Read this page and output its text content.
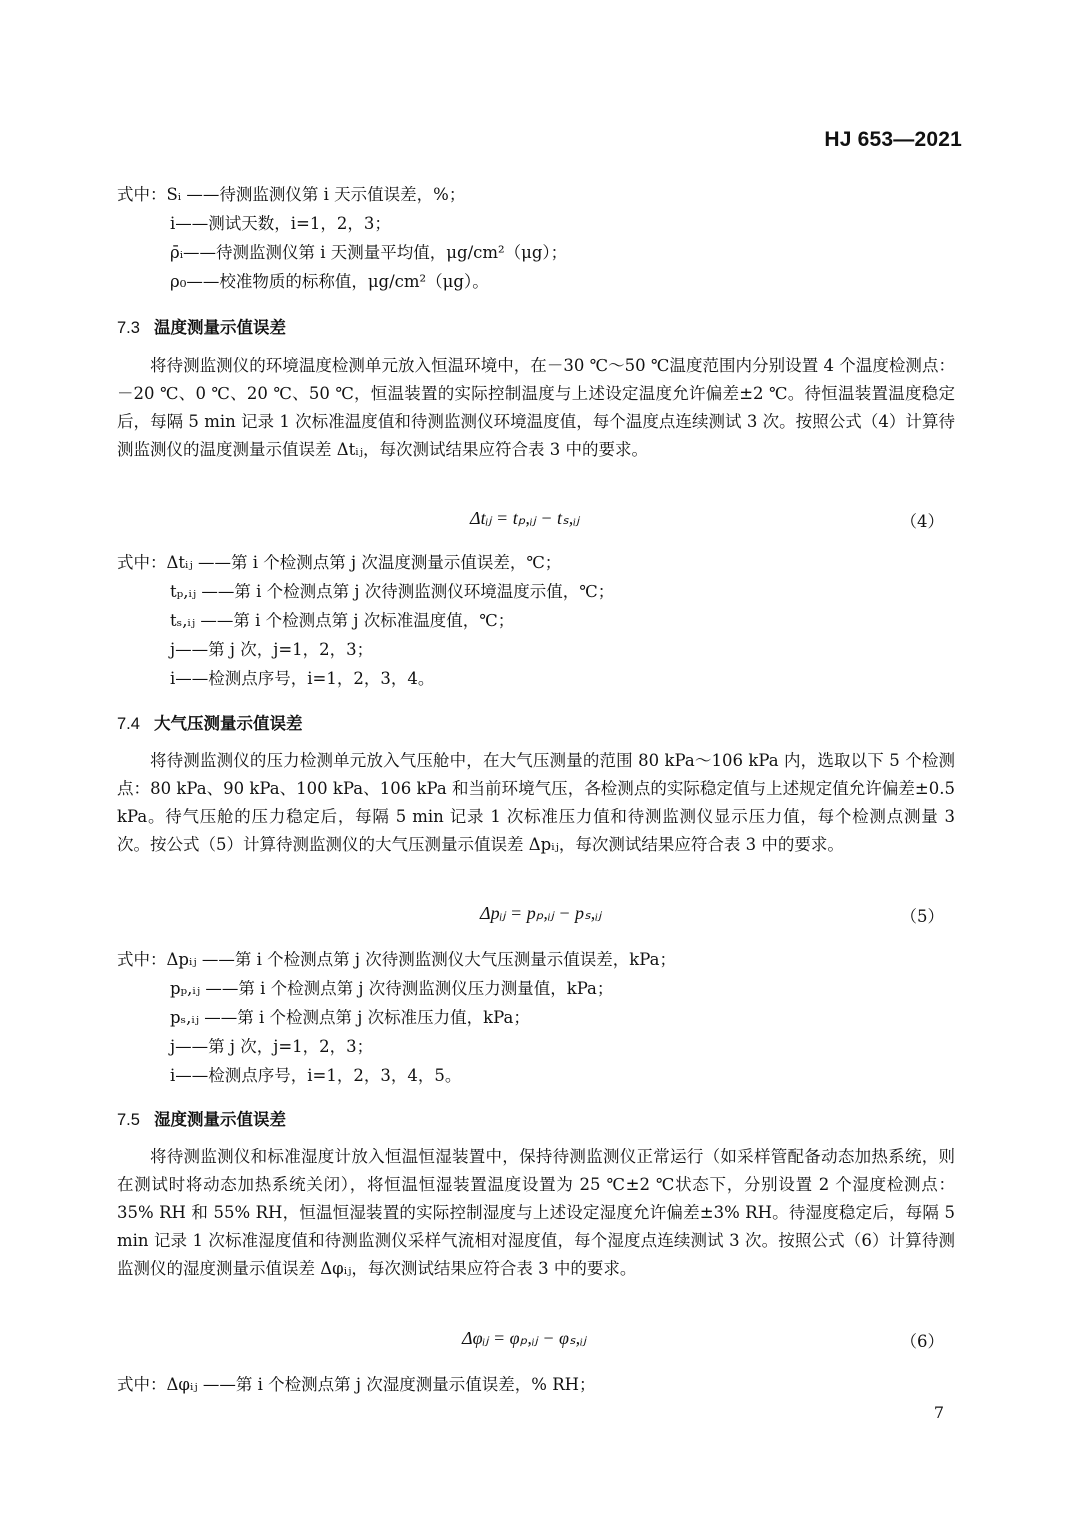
HJ 653—2021
式中：Sᵢ ——待测监测仪第 i 天示值误差，%；
i——测试天数，i=1，2，3；
ρ̄ᵢ——待测监测仪第 i 天测量平均值，μg/cm²（μg）；
ρ₀——校准物质的标称值，μg/cm²（μg）。
7.3 温度测量示值误差
将待测监测仪的环境温度检测单元放入恒温环境中，在－30 ℃～50 ℃温度范围内分别设置 4 个温度检测点：－20 ℃、0 ℃、20 ℃、50 ℃，恒温装置的实际控制温度与上述设定温度允许偏差±2 ℃。待恒温装置温度稳定后，每隔 5 min 记录 1 次标准温度值和待测监测仪环境温度值，每个温度点连续测试 3 次。按照公式（4）计算待测监测仪的温度测量示值误差 Δtᵢⱼ，每次测试结果应符合表 3 中的要求。
Δtᵢⱼ = tₚ,ᵢⱼ − tₛ,ᵢⱼ	（4）
式中：Δtᵢⱼ ——第 i 个检测点第 j 次温度测量示值误差，℃；
tₚ,ᵢⱼ ——第 i 个检测点第 j 次待测监测仪环境温度示值，℃；
tₛ,ᵢⱼ ——第 i 个检测点第 j 次标准温度值，℃；
j——第 j 次，j=1，2，3；
i——检测点序号，i=1，2，3，4。
7.4 大气压测量示值误差
将待测监测仪的压力检测单元放入气压舱中，在大气压测量的范围 80 kPa～106 kPa 内，选取以下 5 个检测点：80 kPa、90 kPa、100 kPa、106 kPa 和当前环境气压，各检测点的实际稳定值与上述规定值允许偏差±0.5 kPa。待气压舱的压力稳定后，每隔 5 min 记录 1 次标准压力值和待测监测仪显示压力值，每个检测点测量 3 次。按公式（5）计算待测监测仪的大气压测量示值误差 Δpᵢⱼ，每次测试结果应符合表 3 中的要求。
Δpᵢⱼ = pₚ,ᵢⱼ − pₛ,ᵢⱼ	（5）
式中：Δpᵢⱼ ——第 i 个检测点第 j 次待测监测仪大气压测量示值误差，kPa；
pₚ,ᵢⱼ ——第 i 个检测点第 j 次待测监测仪压力测量值，kPa；
pₛ,ᵢⱼ ——第 i 个检测点第 j 次标准压力值，kPa；
j——第 j 次，j=1，2，3；
i——检测点序号，i=1，2，3，4，5。
7.5 湿度测量示值误差
将待测监测仪和标准湿度计放入恒温恒湿装置中，保持待测监测仪正常运行（如采样管配备动态加热系统，则在测试时将动态加热系统关闭），将恒温恒湿装置温度设置为 25 ℃±2 ℃状态下，分别设置 2 个湿度检测点：35% RH 和 55% RH，恒温恒湿装置的实际控制湿度与上述设定湿度允许偏差±3% RH。待湿度稳定后，每隔 5 min 记录 1 次标准湿度值和待测监测仪采样气流相对湿度值，每个湿度点连续测试 3 次。按照公式（6）计算待测监测仪的湿度测量示值误差 Δφᵢⱼ，每次测试结果应符合表 3 中的要求。
Δφᵢⱼ = φₚ,ᵢⱼ − φₛ,ᵢⱼ	（6）
式中：Δφᵢⱼ ——第 i 个检测点第 j 次湿度测量示值误差，% RH；
7
